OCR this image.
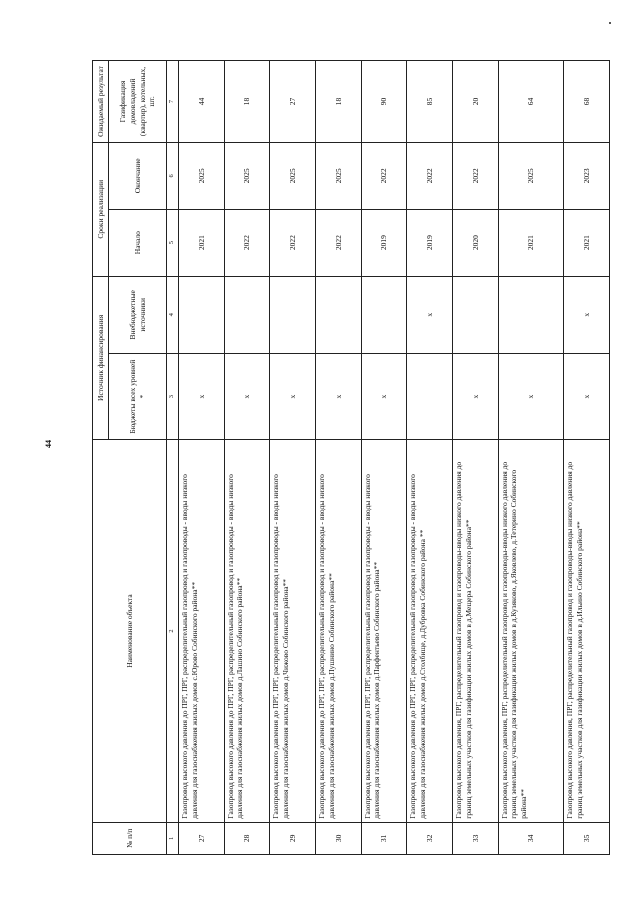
44
№ п/п	Наименование объекта	Источник финансирования		Сроки реализации		Ожидаемый результат
		Бюджеты всех уровней *	Внебюджетные источники	Начало	Окончание	Газификация домовладений (квартир), котельных, шт.
1	2	3	4	5	6	7
27	Газопровод высокого давления до ПРГ, ПРГ, распределительный газопровод и газопроводы - вводы низкого давления для газоснабжения жилых домов с.Юрово Собинского района**	x		2021	2025	44
28	Газопровод высокого давления до ПРГ, ПРГ, распределительный газопровод и газопроводы - вводы низкого давления для газоснабжения жилых домов д.Лашино Собинского района**	x		2022	2025	18
29	Газопровод высокого давления до ПРГ, ПРГ, распределительный газопровод и газопроводы - вводы низкого давления для газоснабжения жилых домов д.Чижово Собинского района**	x		2022	2025	27
30	Газопровод высокого давления до ПРГ, ПРГ, распределительный газопровод и газопроводы - вводы низкого давления для газоснабжения жилых домов д.Пушнино Собинского района**	x		2022	2025	18
31	Газопровод высокого давления до ПРГ, ПРГ, распределительный газопровод и газопроводы - вводы низкого давления для газоснабжения жилых домов д.Парфентьево Собинского района**	x		2019	2022	90
32	Газопровод высокого давления до ПРГ, ПРГ, распределительный газопровод и газопроводы - вводы низкого давления для газоснабжения жилых домов д.Столбище, д.Дубровка Собинского района **		x	2019	2022	85
33	Газопровод высокого давления, ПРГ, распределительный газопровод и газопроводы-вводы низкого давления до границ земельных участков для газификации жилых домов в д.Мещера Собинского района**	x		2020	2022	20
34	Газопровод высокого давления, ПРГ, распределительный газопровод и газопроводы-вводы низкого давления до границ земельных участков для газификации жилых домов в д.Кузяково, д.Яковлево, д.Тетерино Собинского района**	x		2021	2025	64
35	Газопровод высокого давления, ПРГ, распределительный газопровод и газопроводы-вводы низкого давления до границ земельных участков для газификации жилых домов в д.Ильино Собинского района**	x	x	2021	2023	68
